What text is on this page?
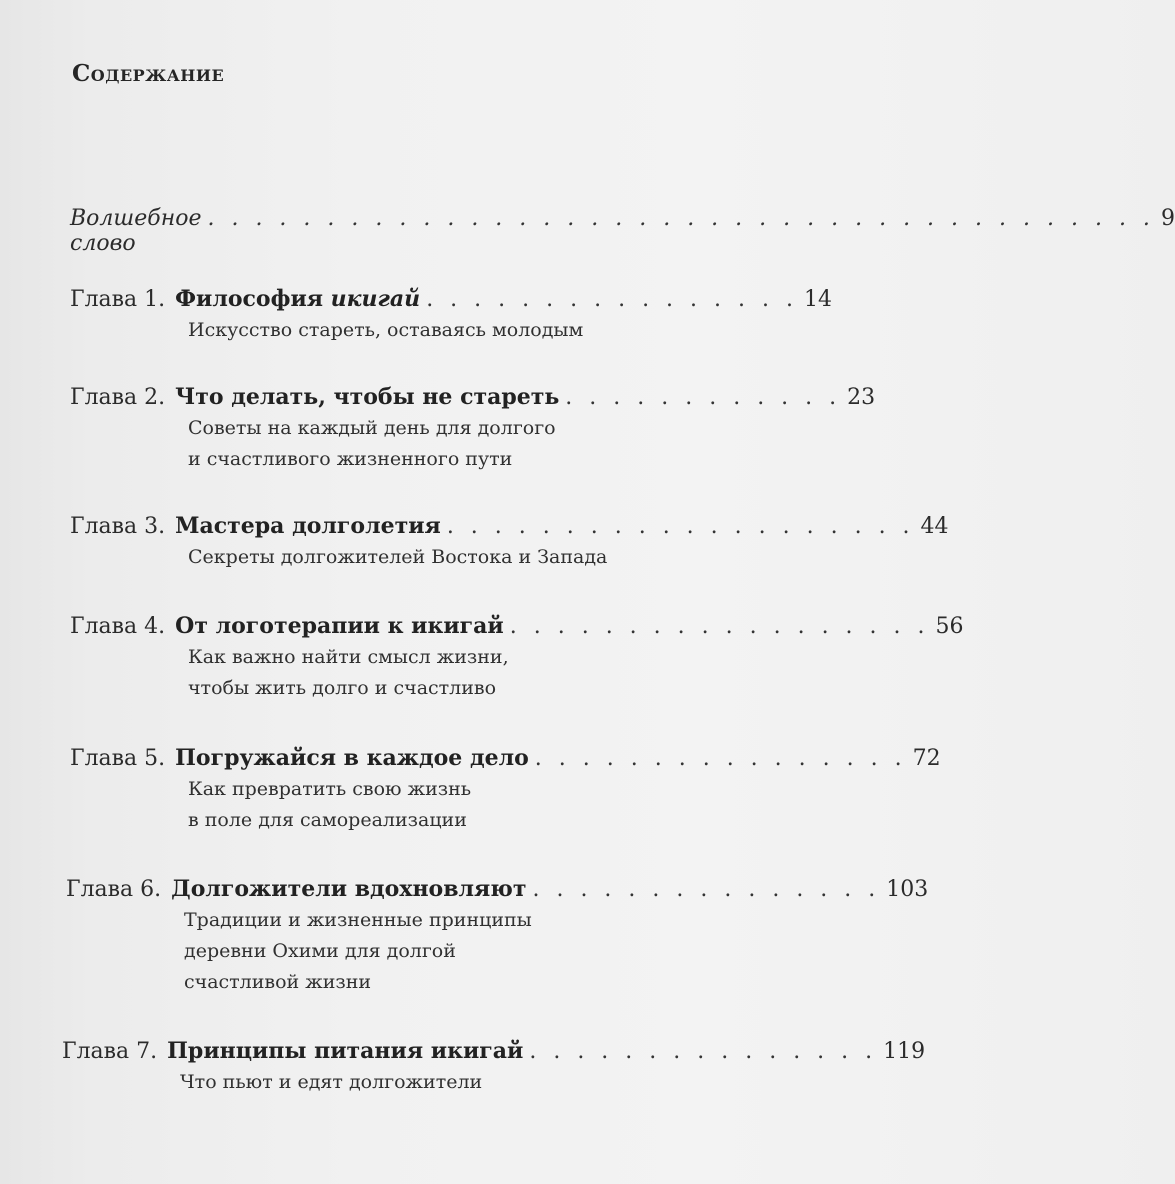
Содержание
Волшебное слово
. . . . . . . . . . . . . . . . . . . . . . . . . . . . . . . . . . . . . . . . 9
Глава 1. Философия икигай . . . . . . . . . . . . . . . . 14
Искусство стареть, оставаясь молодым
Глава 2. Что делать, чтобы не стареть . . . . . . . . . . . . 23
Советы на каждый день для долгого
и счастливого жизненного пути
Глава 3. Мастера долголетия . . . . . . . . . . . . . . . . . . . . 44
Секреты долгожителей Востока и Запада
Глава 4. От логотерапии к икигай . . . . . . . . . . . . . . . . . . 56
Как важно найти смысл жизни,
чтобы жить долго и счастливо
Глава 5. Погружайся в каждое дело . . . . . . . . . . . . . . . . 72
Как превратить свою жизнь
в поле для самореализации
Глава 6. Долгожители вдохновляют . . . . . . . . . . . . . . . 103
Традиции и жизненные принципы
деревни Охими для долгой
счастливой жизни
Глава 7. Принципы питания икигай . . . . . . . . . . . . . . . 119
Что пьют и едят долгожители
